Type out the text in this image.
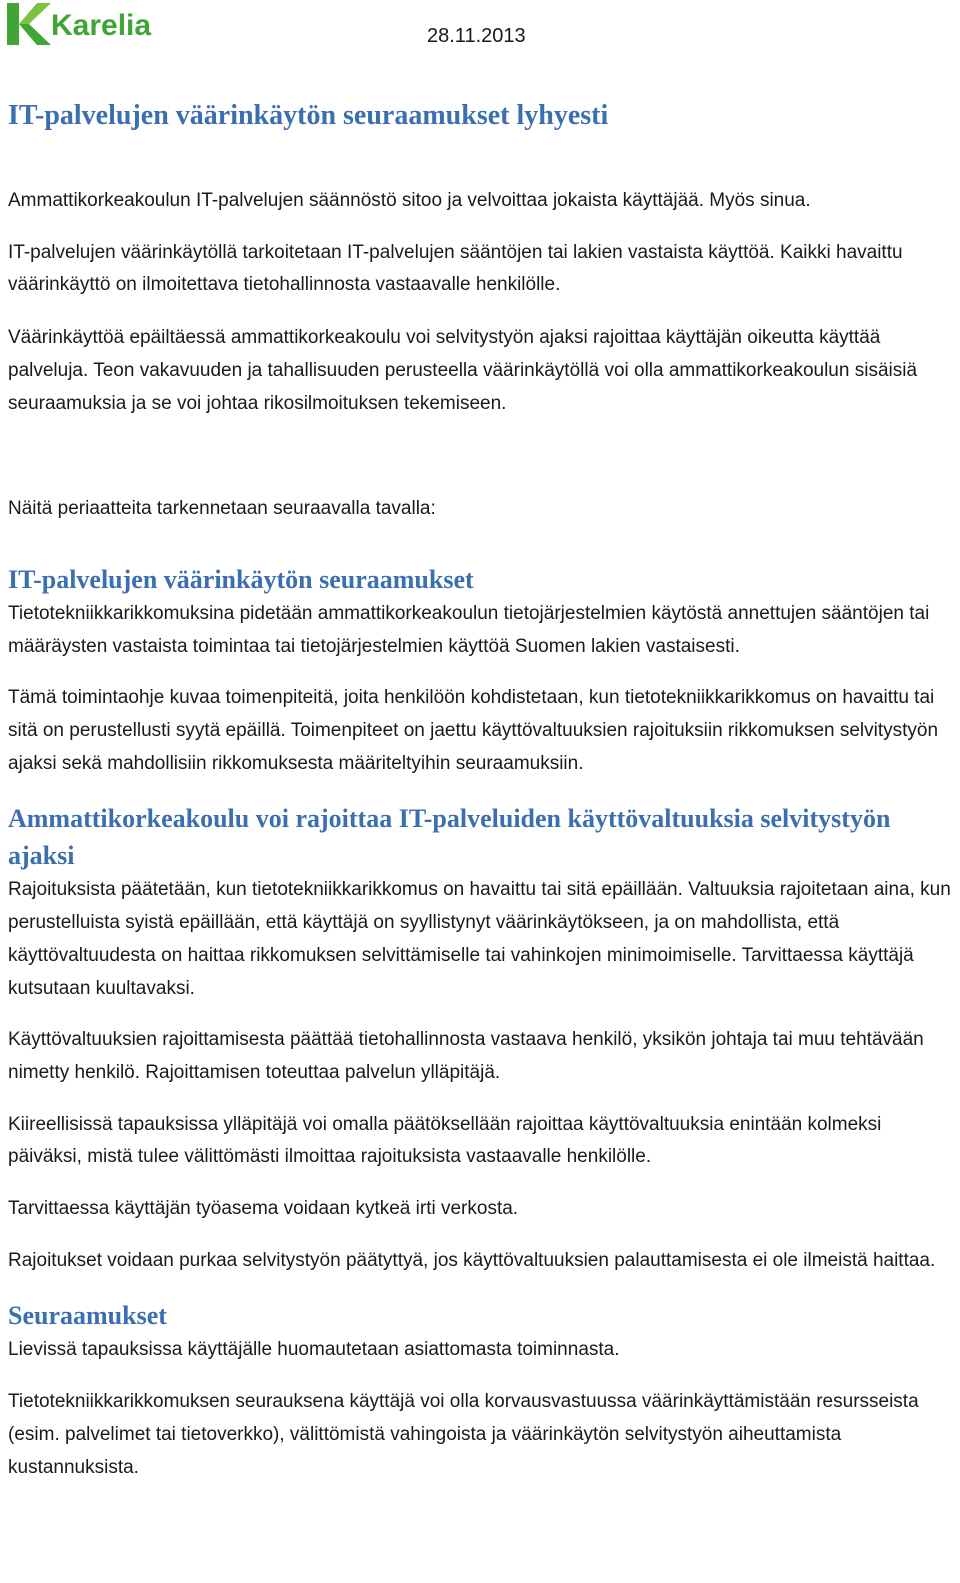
Karelia	28.11.2013
IT-palvelujen väärinkäytön seuraamukset lyhyesti

Ammattikorkeakoulun IT-palvelujen säännöstö sitoo ja velvoittaa jokaista käyttäjää. Myös sinua.

IT-palvelujen väärinkäytöllä tarkoitetaan IT-palvelujen sääntöjen tai lakien vastaista käyttöä. Kaikki havaittu väärinkäyttö on ilmoitettava tietohallinnosta vastaavalle henkilölle.

Väärinkäyttöä epäiltäessä ammattikorkeakoulu voi selvitystyön ajaksi rajoittaa käyttäjän oikeutta käyttää palveluja. Teon vakavuuden ja tahallisuuden perusteella väärinkäytöllä voi olla ammattikorkeakoulun sisäisiä seuraamuksia ja se voi johtaa rikosilmoituksen tekemiseen.

Näitä periaatteita tarkennetaan seuraavalla tavalla:

IT-palvelujen väärinkäytön seuraamukset

Tietotekniikkarikkomuksina pidetään ammattikorkeakoulun tietojärjestelmien käytöstä annettujen sääntöjen tai määräysten vastaista toimintaa tai tietojärjestelmien käyttöä Suomen lakien vastaisesti.

Tämä toimintaohje kuvaa toimenpiteitä, joita henkilöön kohdistetaan, kun tietotekniikkarikkomus on havaittu tai sitä on perustellusti syytä epäillä. Toimenpiteet on jaettu käyttövaltuuksien rajoituksiin rikkomuksen selvitystyön ajaksi sekä mahdollisiin rikkomuksesta määriteltyihin seuraamuksiin.

Ammattikorkeakoulu voi rajoittaa IT-palveluiden käyttövaltuuksia selvitystyön ajaksi

Rajoituksista päätetään, kun tietotekniikkarikkomus on havaittu tai sitä epäillään. Valtuuksia rajoitetaan aina, kun perustelluista syistä epäillään, että käyttäjä on syyllistynyt väärinkäytökseen, ja on mahdollista, että käyttövaltuudesta on haittaa rikkomuksen selvittämiselle tai vahinkojen minimoimiselle. Tarvittaessa käyttäjä kutsutaan kuultavaksi.

Käyttövaltuuksien rajoittamisesta päättää tietohallinnosta vastaava henkilö, yksikön johtaja tai muu tehtävään nimetty henkilö. Rajoittamisen toteuttaa palvelun ylläpitäjä.

Kiireellisissä tapauksissa ylläpitäjä voi omalla päätöksellään rajoittaa käyttövaltuuksia enintään kolmeksi päiväksi, mistä tulee välittömästi ilmoittaa rajoituksista vastaavalle henkilölle.

Tarvittaessa käyttäjän työasema voidaan kytkeä irti verkosta.

Rajoitukset voidaan purkaa selvitystyön päätyttyä, jos käyttövaltuuksien palauttamisesta ei ole ilmeistä haittaa.

Seuraamukset

Lievissä tapauksissa käyttäjälle huomautetaan asiattomasta toiminnasta.

Tietotekniikkarikkomuksen seurauksena käyttäjä voi olla korvausvastuussa väärinkäyttämistään resursseista (esim. palvelimet tai tietoverkko), välittömistä vahingoista ja väärinkäytön selvitystyön aiheuttamista kustannuksista.
